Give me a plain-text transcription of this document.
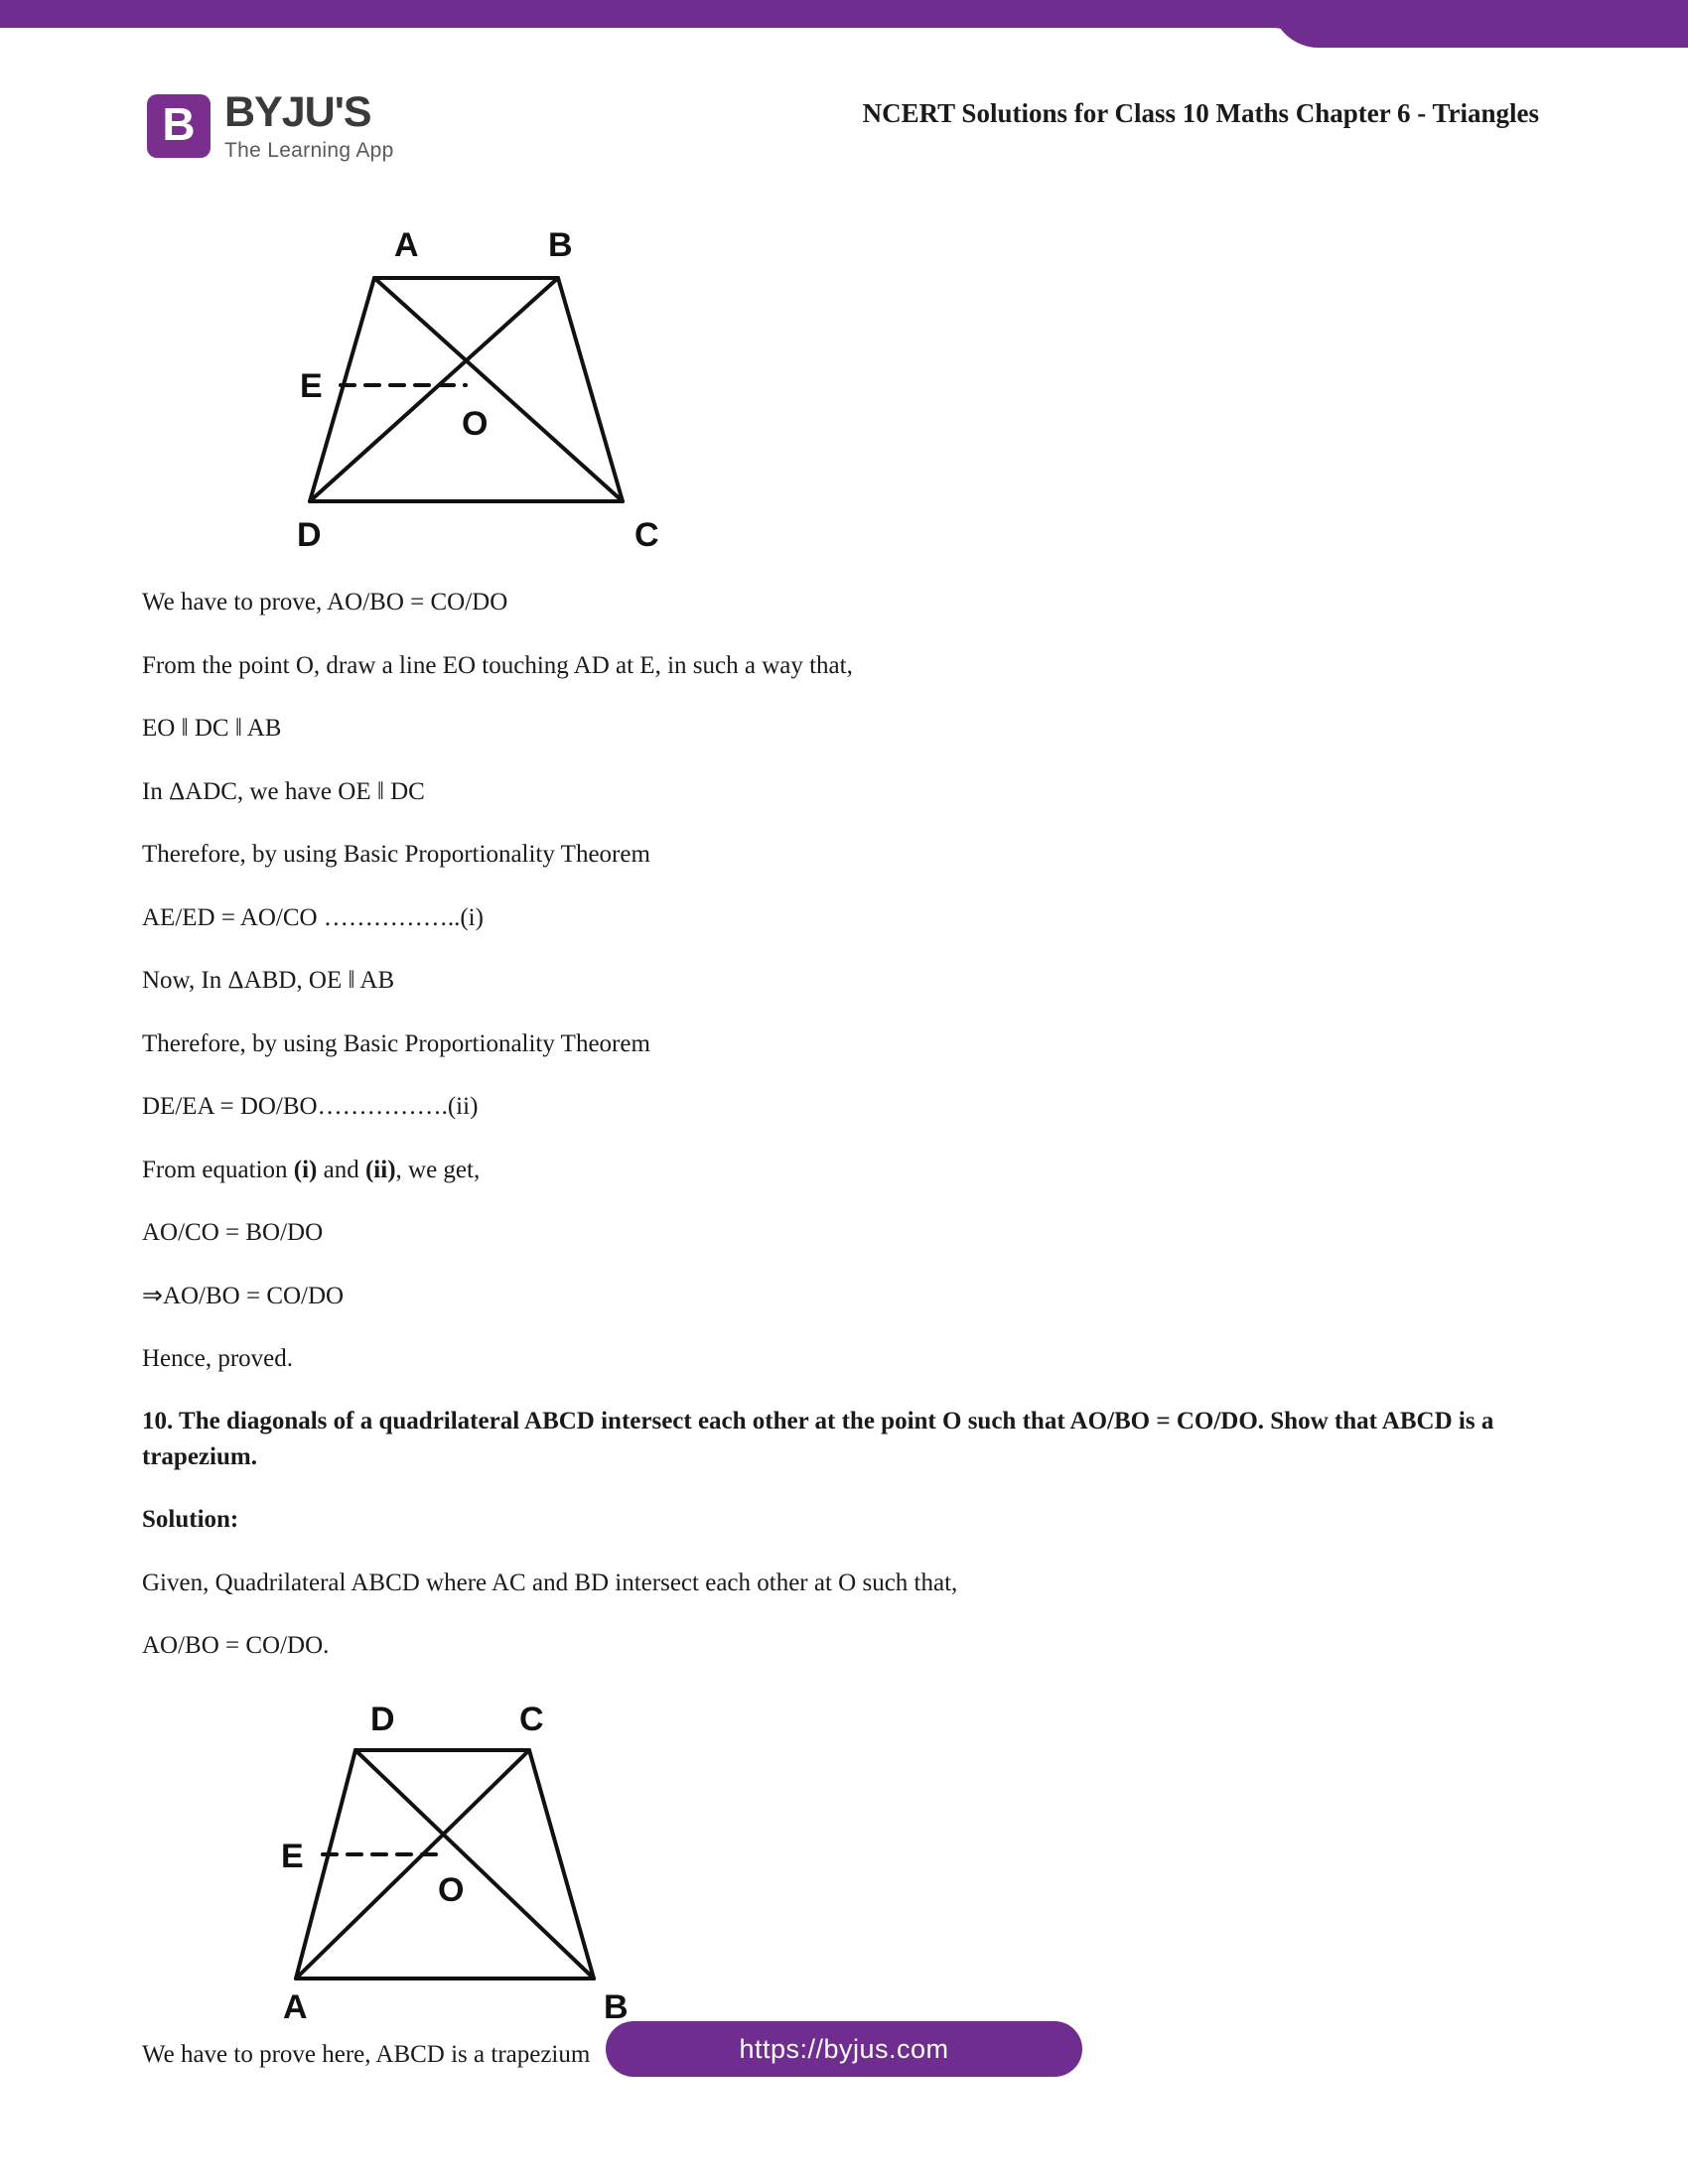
B
BYJU'S
The Learning App
NCERT Solutions for Class 10 Maths Chapter 6 - Triangles
A	B
D	C
E
O

We have to prove, AO/BO = CO/DO

From the point O, draw a line EO touching AD at E, in such a way that,

EO ‖ DC ‖ AB

In ΔADC, we have OE ‖ DC

Therefore, by using Basic Proportionality Theorem

AE/ED = AO/CO ……………..(i)

Now, In ΔABD, OE ‖ AB

Therefore, by using Basic Proportionality Theorem

DE/EA = DO/BO…………….(ii)

From equation (i) and (ii), we get,

AO/CO = BO/DO

⇒AO/BO = CO/DO

Hence, proved.

10. The diagonals of a quadrilateral ABCD intersect each other at the point O such that AO/BO = CO/DO. Show that ABCD is a trapezium.

Solution:

Given, Quadrilateral ABCD where AC and BD intersect each other at O such that,

AO/BO = CO/DO.

D	C
A	B
E
O

We have to prove here, ABCD is a trapezium	https://byjus.com
